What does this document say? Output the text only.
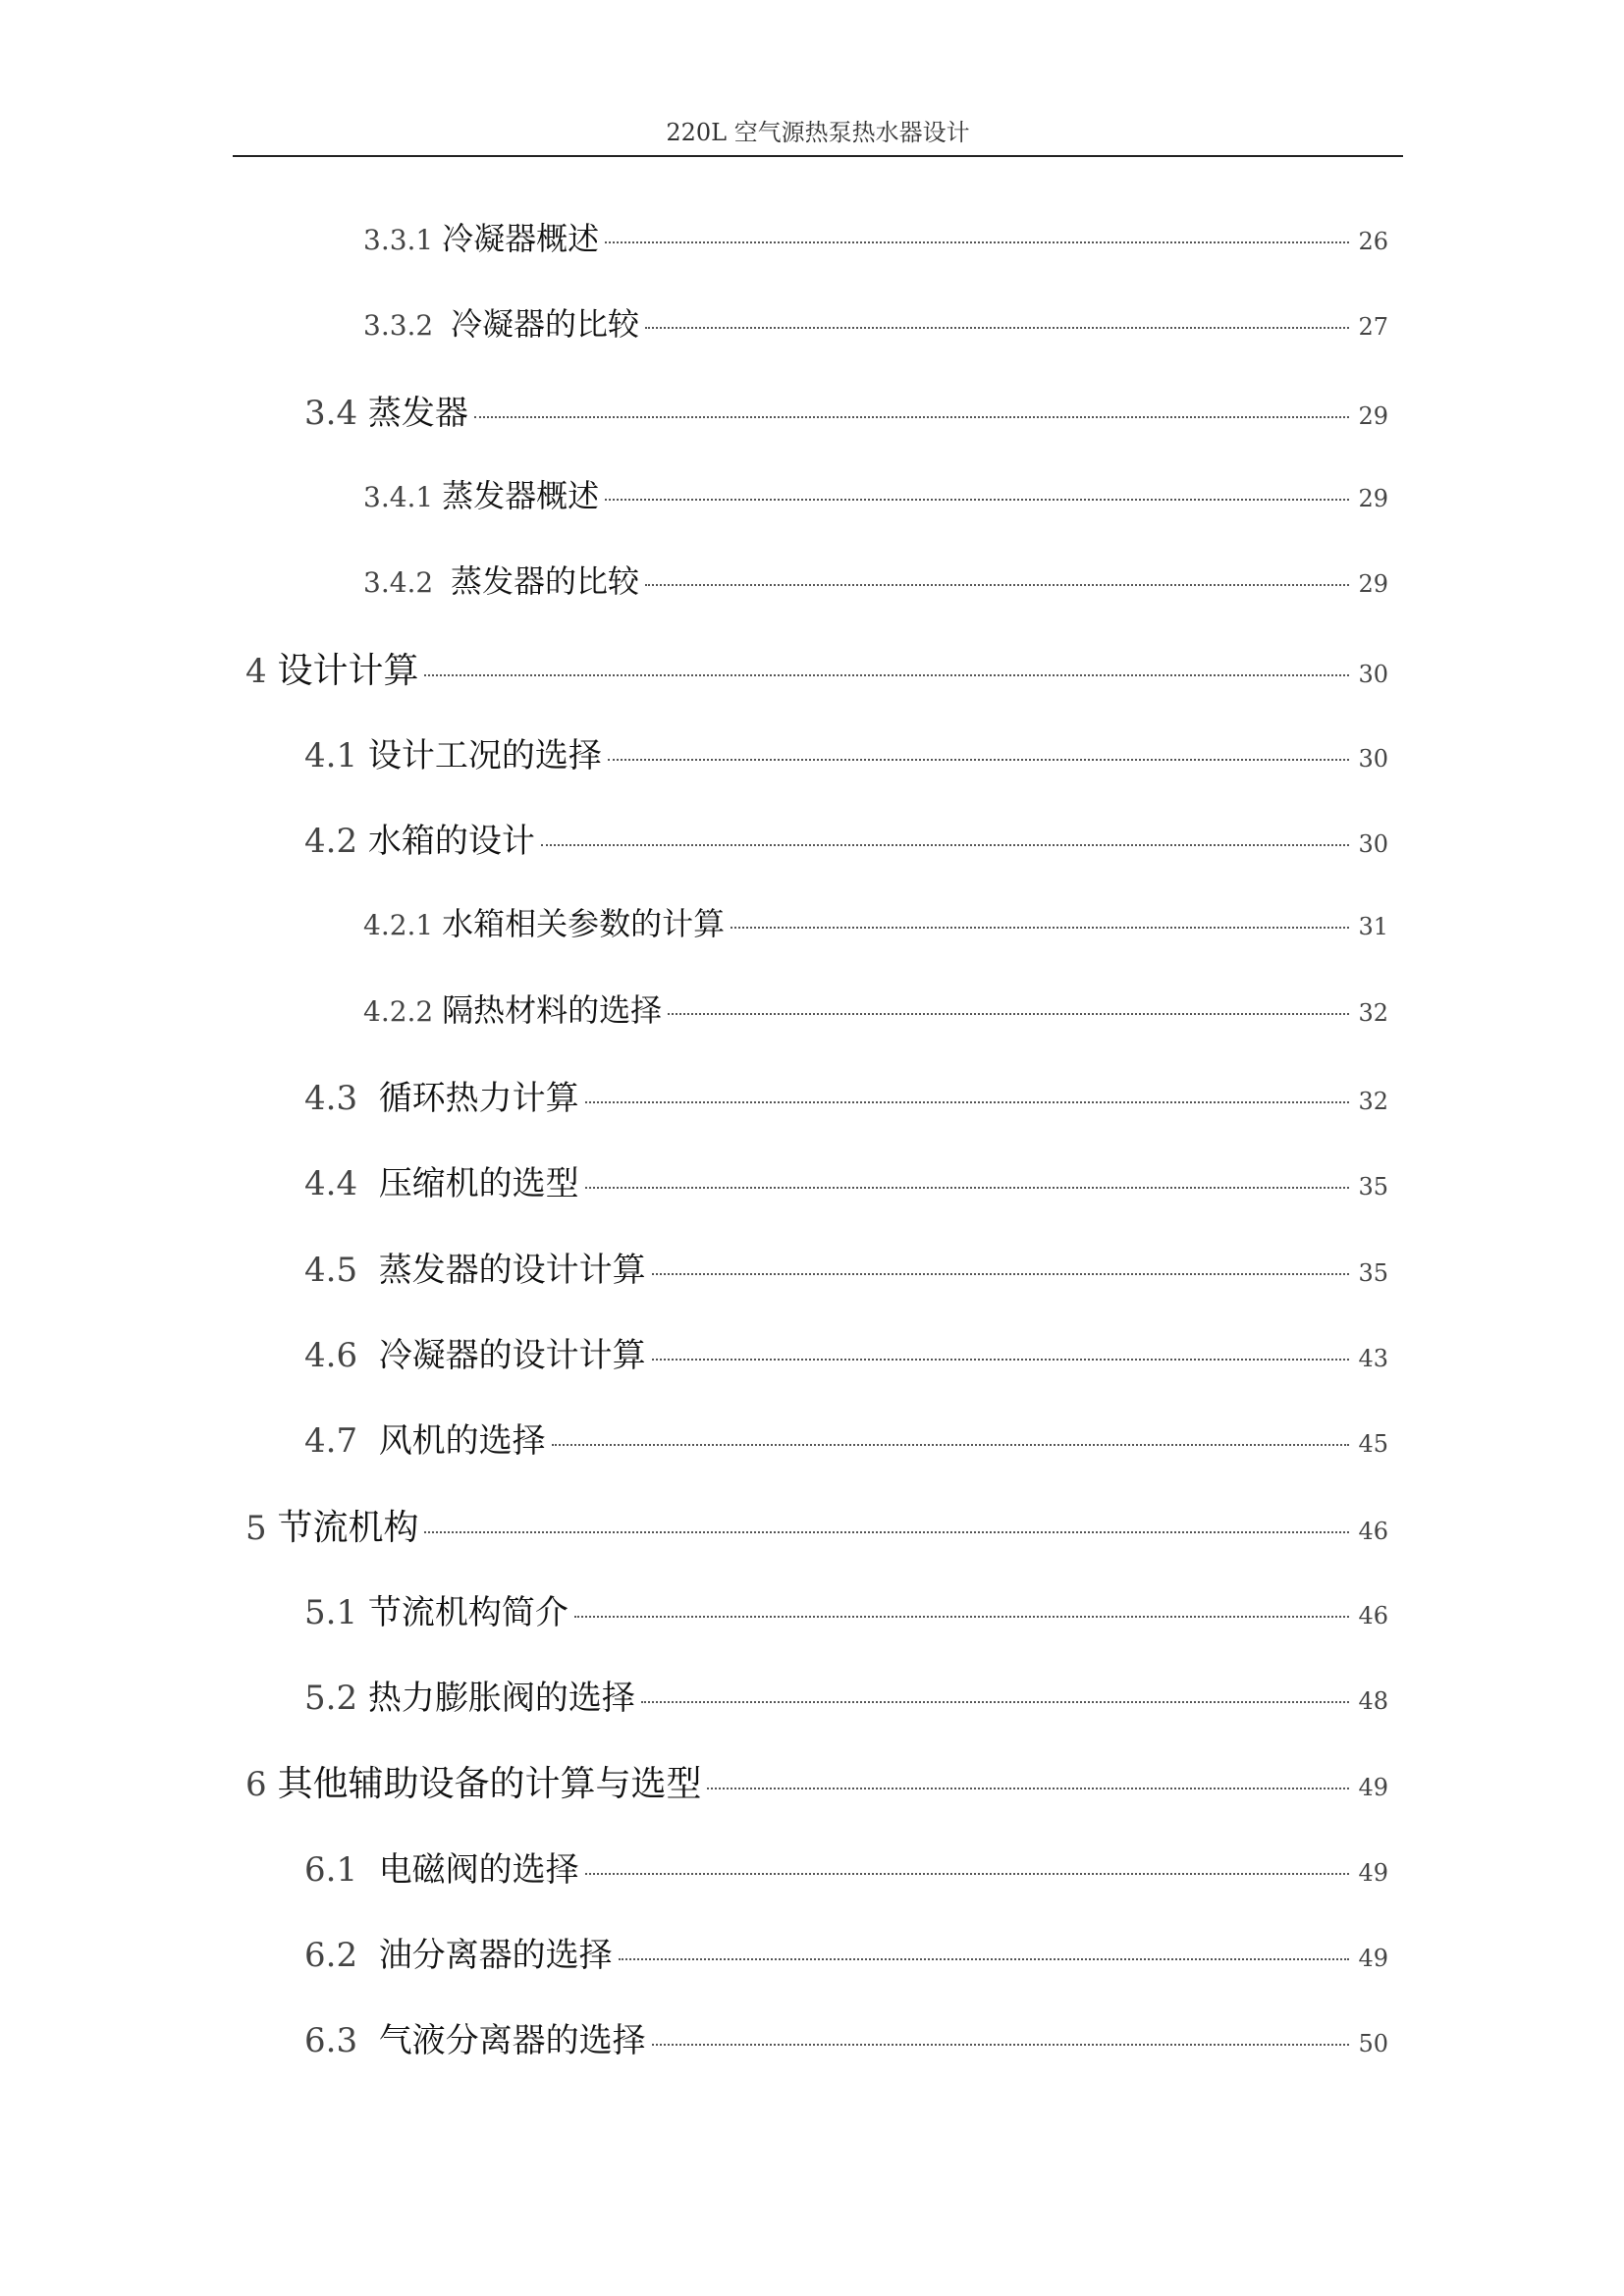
220L 空气源热泵热水器设计
3.3.1 冷凝器概述	26
3.3.2 冷凝器的比较	27
3.4 蒸发器	29
3.4.1 蒸发器概述	29
3.4.2 蒸发器的比较	29
4 设计计算	30
4.1 设计工况的选择	30
4.2 水箱的设计	30
4.2.1 水箱相关参数的计算	31
4.2.2 隔热材料的选择	32
4.3 循环热力计算	32
4.4 压缩机的选型	35
4.5 蒸发器的设计计算	35
4.6 冷凝器的设计计算	43
4.7 风机的选择	45
5 节流机构	46
5.1 节流机构简介	46
5.2 热力膨胀阀的选择	48
6 其他辅助设备的计算与选型	49
6.1 电磁阀的选择	49
6.2 油分离器的选择	49
6.3 气液分离器的选择	50
